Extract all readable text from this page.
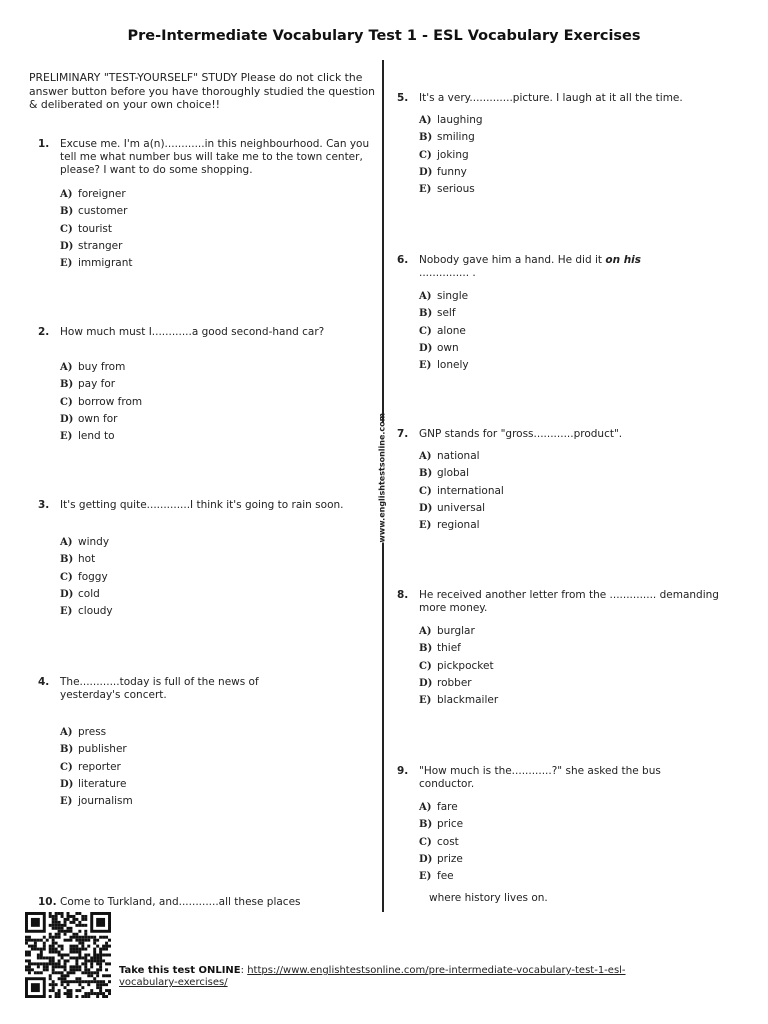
Pre-Intermediate Vocabulary Test 1 - ESL Vocabulary Exercises
PRELIMINARY "TEST-YOURSELF" STUDY Please do not click the answer button before you have thoroughly studied the question & deliberated on your own choice!!
www.englishtestsonline.com
1. Excuse me. I'm a(n)............in this neighbourhood. Can you tell me what number bus will take me to the town center, please? I want to do some shopping.
A) foreigner
B) customer
C) tourist
D) stranger
E) immigrant
2. How much must I............a good second-hand car?
A) buy from
B) pay for
C) borrow from
D) own for
E) lend to
3. It's getting quite.............I think it's going to rain soon.
A) windy
B) hot
C) foggy
D) cold
E) cloudy
4. The............today is full of the news of yesterday's concert.
A) press
B) publisher
C) reporter
D) literature
E) journalism
5. It's a very.............picture. I laugh at it all the time.
A) laughing
B) smiling
C) joking
D) funny
E) serious
6. Nobody gave him a hand. He did it on his
............... .
A) single
B) self
C) alone
D) own
E) lonely
7. GNP stands for "gross............product".
A) national
B) global
C) international
D) universal
E) regional
8. He received another letter from the .............. demanding more money.
A) burglar
B) thief
C) pickpocket
D) robber
E) blackmailer
9. "How much is the............?" she asked the bus conductor.
A) fare
B) price
C) cost
D) prize
E) fee
10. Come to Turkland, and............all these places	where history lives on.
Take this test ONLINE: https://www.englishtestsonline.com/pre-intermediate-vocabulary-test-1-esl-vocabulary-exercises/
